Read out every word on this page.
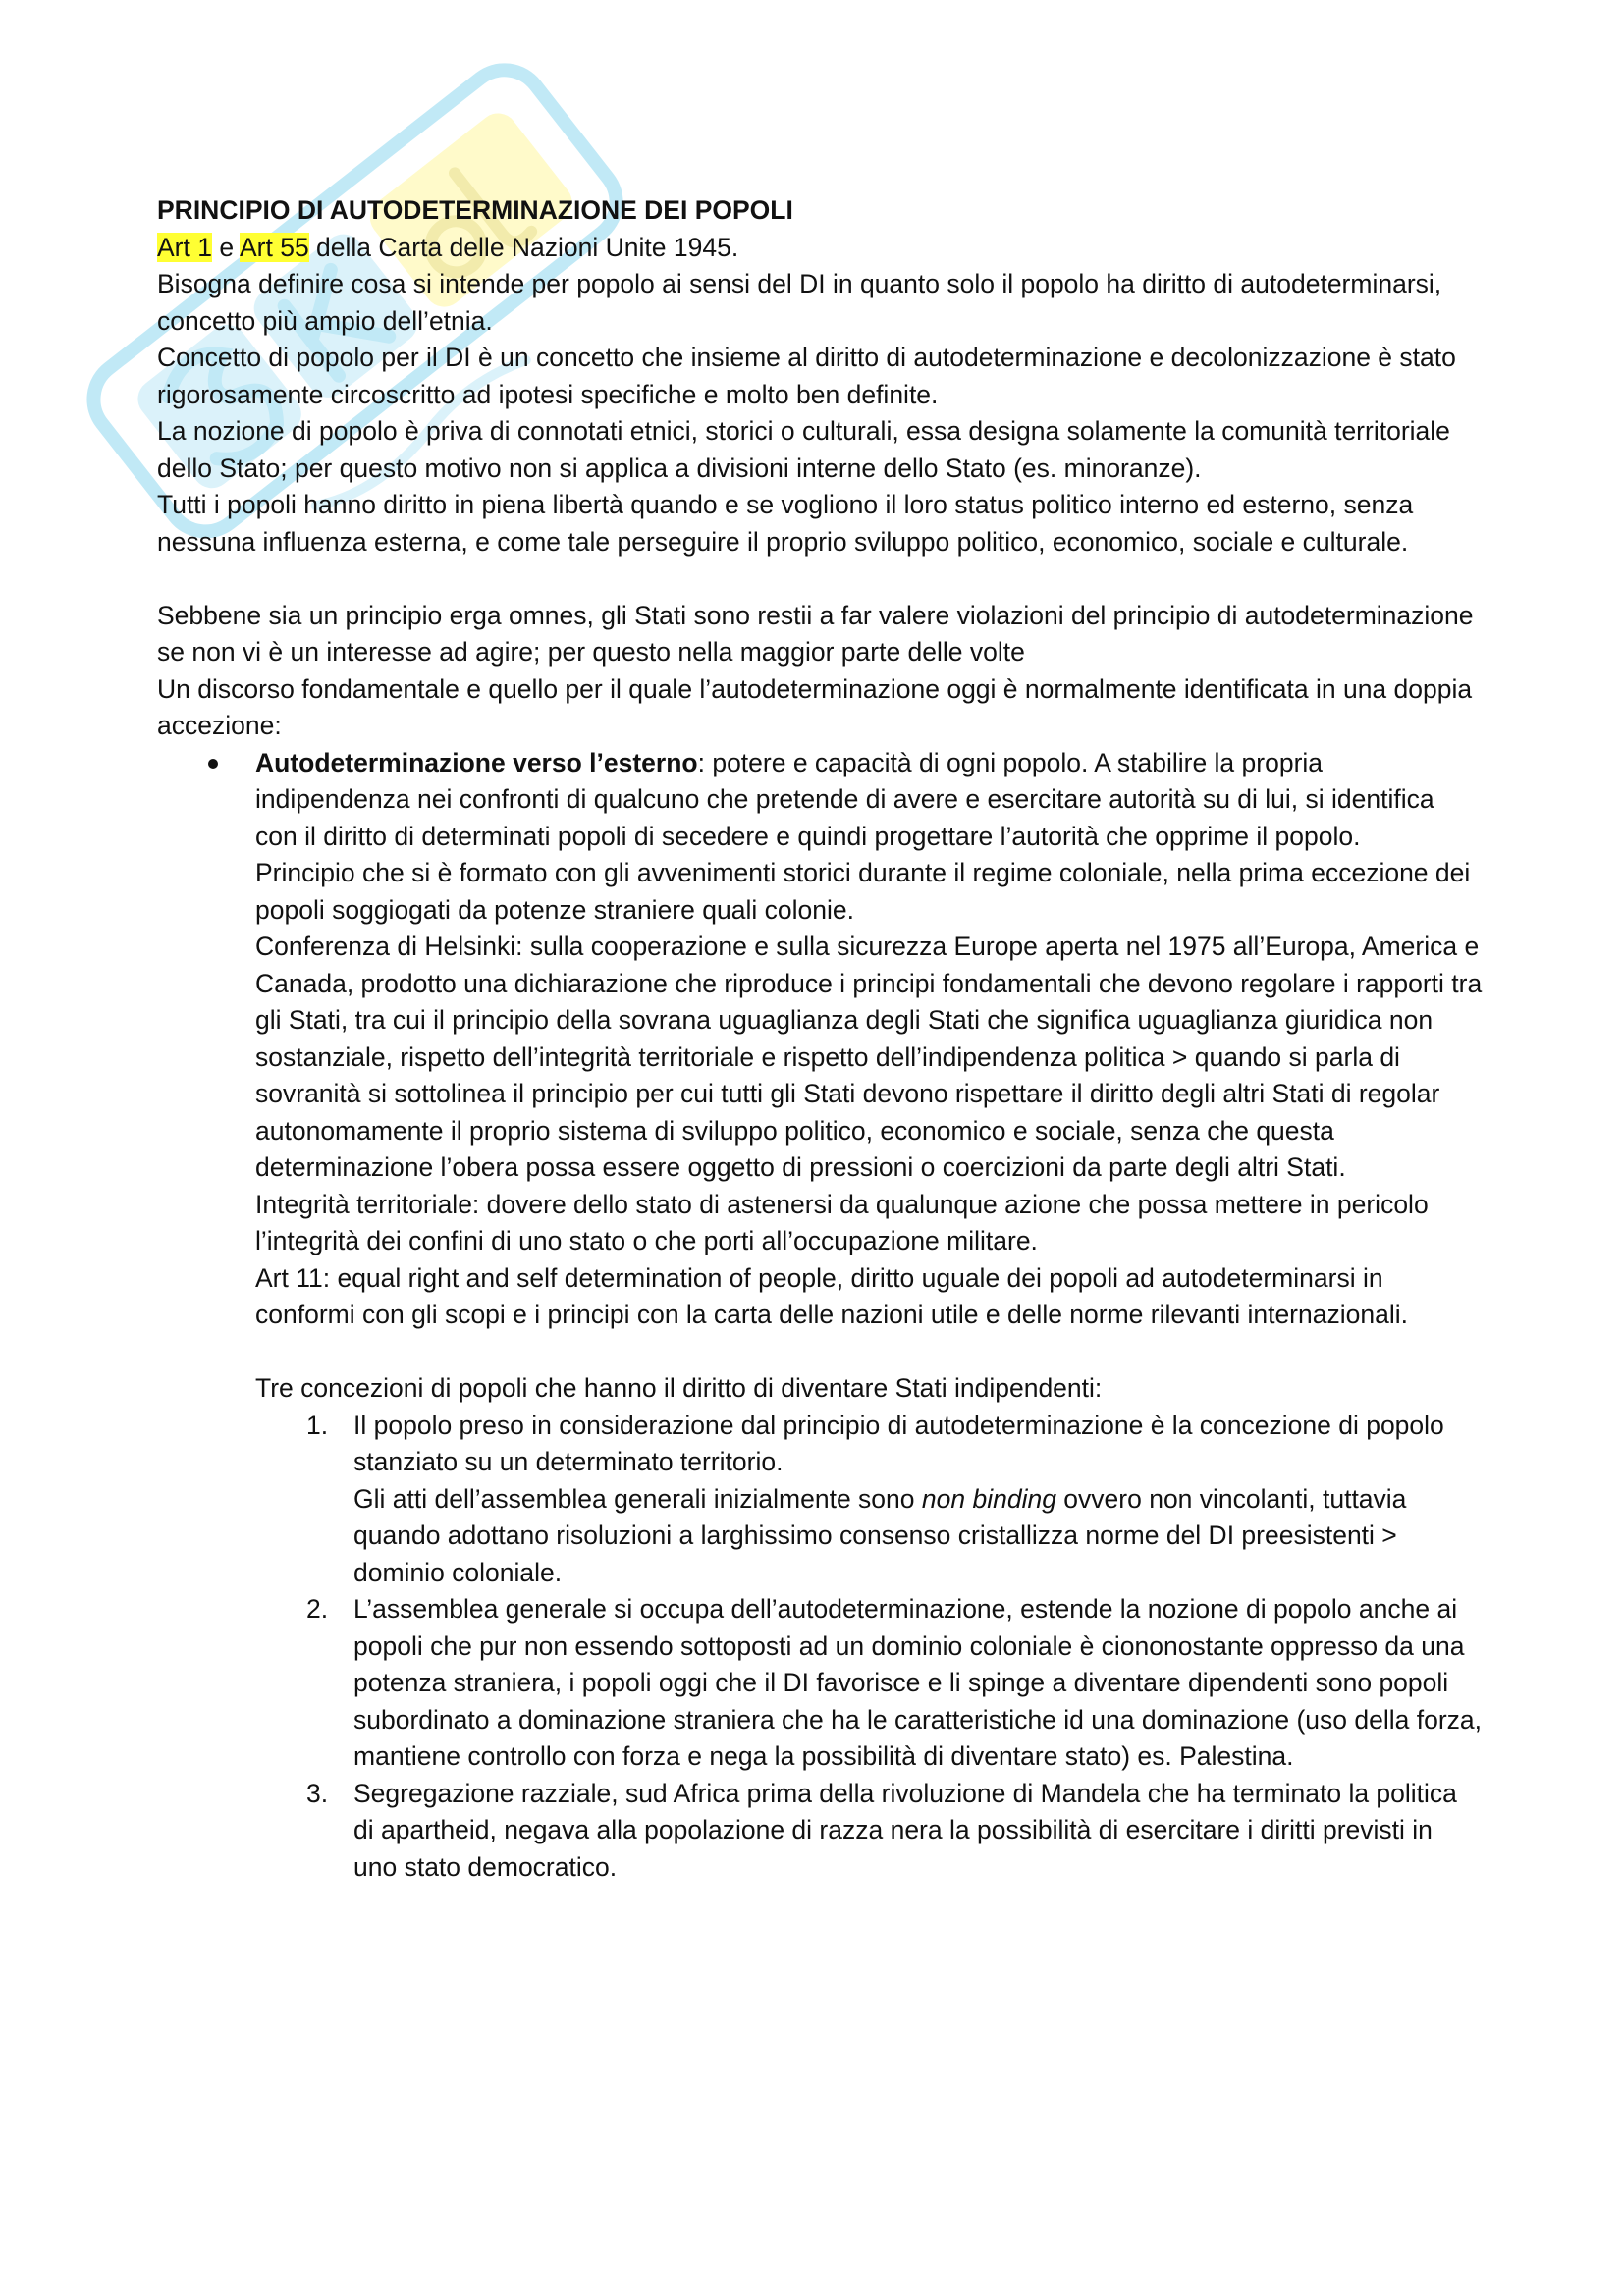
PRINCIPIO DI AUTODETERMINAZIONE DEI POPOLI

Art 1 e Art 55 della Carta delle Nazioni Unite 1945.

Bisogna definire cosa si intende per popolo ai sensi del DI in quanto solo il popolo ha diritto di autodeterminarsi, concetto più ampio dell’etnia.

Concetto di popolo per il DI è un concetto che insieme al diritto di autodeterminazione e decolonizzazione è stato rigorosamente circoscritto ad ipotesi specifiche e molto ben definite.

La nozione di popolo è priva di connotati etnici, storici o culturali, essa designa solamente la comunità territoriale dello Stato; per questo motivo non si applica a divisioni interne dello Stato (es. minoranze).

Tutti i popoli hanno diritto in piena libertà quando e se vogliono il loro status politico interno ed esterno, senza nessuna influenza esterna, e come tale perseguire il proprio sviluppo politico, economico, sociale e culturale.

Sebbene sia un principio erga omnes, gli Stati sono restii a far valere violazioni del principio di autodeterminazione se non vi è un interesse ad agire; per questo nella maggior parte delle volte

Un discorso fondamentale e quello per il quale l’autodeterminazione oggi è normalmente identificata in una doppia accezione:

Autodeterminazione verso l’esterno: potere e capacità di ogni popolo. A stabilire la propria indipendenza nei confronti di qualcuno che pretende di avere e esercitare autorità su di lui, si identifica con il diritto di determinati popoli di secedere e quindi progettare l’autorità che opprime il popolo.

Principio che si è formato con gli avvenimenti storici durante il regime coloniale, nella prima eccezione dei popoli soggiogati da potenze straniere quali colonie.

Conferenza di Helsinki: sulla cooperazione e sulla sicurezza Europe aperta nel 1975 all’Europa, America e Canada, prodotto una dichiarazione che riproduce i principi fondamentali che devono regolare i rapporti tra gli Stati, tra cui il principio della sovrana uguaglianza degli Stati che significa uguaglianza giuridica non sostanziale, rispetto dell’integrità territoriale e rispetto dell’indipendenza politica > quando si parla di sovranità si sottolinea il principio per cui tutti gli Stati devono rispettare il diritto degli altri Stati di regolar autonomamente il proprio sistema di sviluppo politico, economico e sociale, senza che questa determinazione l’obera possa essere oggetto di pressioni o coercizioni da parte degli altri Stati.

Integrità territoriale: dovere dello stato di astenersi da qualunque azione che possa mettere in pericolo l’integrità dei confini di uno stato o che porti all’occupazione militare.

Art 11: equal right and self determination of people, diritto uguale dei popoli ad autodeterminarsi in conformi con gli scopi e i principi con la carta delle nazioni utile e delle norme rilevanti internazionali.

Tre concezioni di popoli che hanno il diritto di diventare Stati indipendenti:

1. Il popolo preso in considerazione dal principio di autodeterminazione è la concezione di popolo stanziato su un determinato territorio.

Gli atti dell’assemblea generali inizialmente sono non binding ovvero non vincolanti, tuttavia quando adottano risoluzioni a larghissimo consenso cristallizza norme del DI preesistenti > dominio coloniale.

2. L’assemblea generale si occupa dell’autodeterminazione, estende la nozione di popolo anche ai popoli che pur non essendo sottoposti ad un dominio coloniale è ciononostante oppresso da una potenza straniera, i popoli oggi che il DI favorisce e li spinge a diventare dipendenti sono popoli subordinato a dominazione straniera che ha le caratteristiche id una dominazione (uso della forza, mantiene controllo con forza e nega la possibilità di diventare stato) es. Palestina.

3. Segregazione razziale, sud Africa prima della rivoluzione di Mandela che ha terminato la politica di apartheid, negava alla popolazione di razza nera la possibilità di esercitare i diritti previsti in uno stato democratico.
